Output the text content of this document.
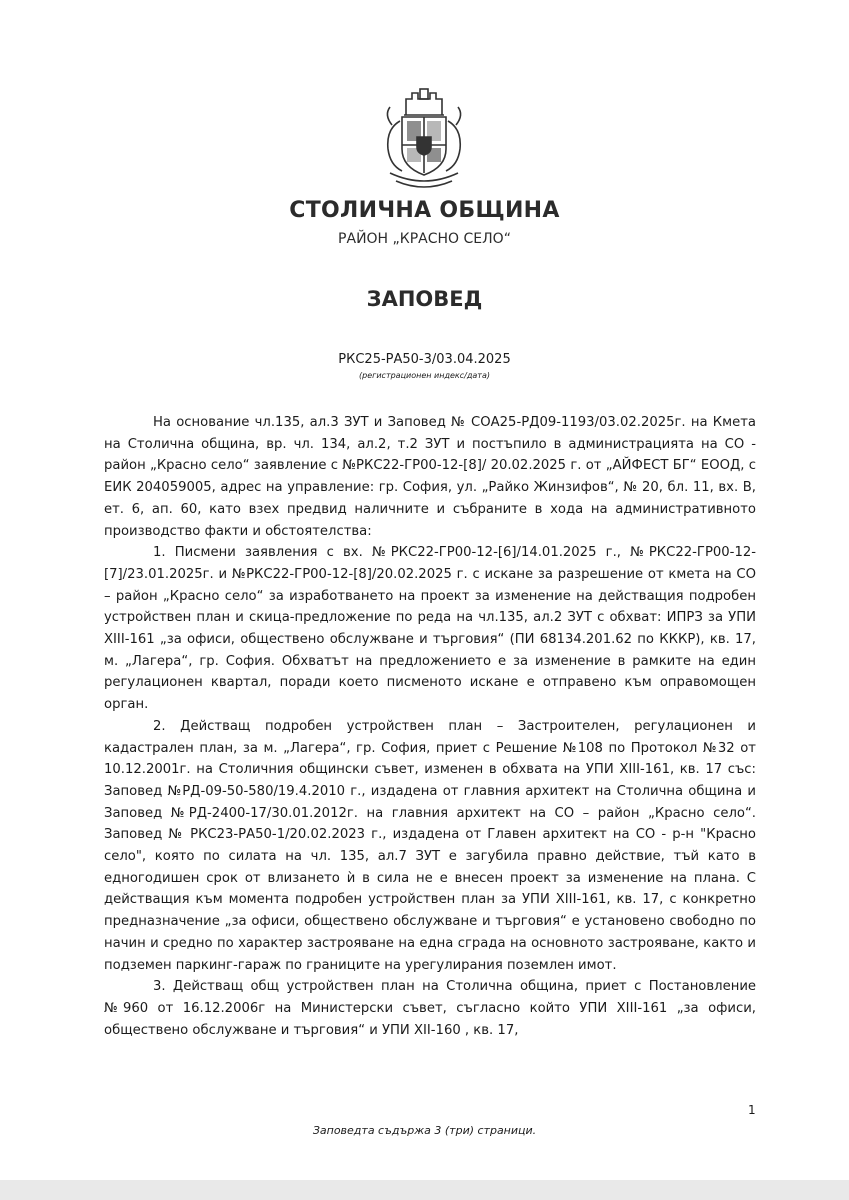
СТОЛИЧНА ОБЩИНА
РАЙОН „КРАСНО СЕЛО“
ЗАПОВЕД
РКС25-РА50-3/03.04.2025
(регистрационен индекс/дата)

На основание чл.135, ал.3 ЗУТ и Заповед № СОА25-РД09-1193/03.02.2025г. на Кмета на Столична община, вр. чл. 134, ал.2, т.2 ЗУТ и постъпило в администрацията на СО - район „Красно село“ заявление с №РКС22-ГР00-12-[8]/ 20.02.2025 г. от „АЙФЕСТ БГ“ ЕООД, с ЕИК 204059005, адрес на управление: гр. София, ул. „Райко Жинзифов“, № 20, бл. 11, вх. В, ет. 6, ап. 60, като взех предвид наличните и събраните в хода на административното производство факти и обстоятелства:

1. Писмени заявления с вх. №РКС22-ГР00-12-[6]/14.01.2025 г., №РКС22-ГР00-12-[7]/23.01.2025г. и №РКС22-ГР00-12-[8]/20.02.2025 г. с искане за разрешение от кмета на СО – район „Красно село“ за изработването на проект за изменение на действащия подробен устройствен план и скица-предложение по реда на чл.135, ал.2 ЗУТ с обхват: ИПРЗ за УПИ XIII-161 „за офиси, обществено обслужване и търговия“ (ПИ 68134.201.62 по КККР), кв. 17, м. „Лагера“, гр. София. Обхватът на предложението е за изменение в рамките на един регулационен квартал, поради което писменото искане е отправено към оправомощен орган.

2. Действащ подробен устройствен план – Застроителен, регулационен и кадастрален план, за м. „Лагера“, гр. София, приет с Решение №108 по Протокол №32 от 10.12.2001г. на Столичния общински съвет, изменен в обхвата на УПИ XIII-161, кв. 17 със: Заповед №РД-09-50-580/19.4.2010 г., издадена от главния архитект на Столична община и Заповед №РД-2400-17/30.01.2012г. на главния архитект на СО – район „Красно село“. Заповед № РКС23-РА50-1/20.02.2023 г., издадена от Главен архитект на СО - р-н "Красно село", която по силата на чл. 135, ал.7 ЗУТ е загубила правно действие, тъй като в едногодишен срок от влизането ѝ в сила не е внесен проект за изменение на плана. С действащия към момента подробен устройствен план за УПИ XIII-161, кв. 17, с конкретно предназначение „за офиси, обществено обслужване и търговия“ е установено свободно по начин и средно по характер застрояване на една сграда на основното застрояване, както и подземен паркинг-гараж по границите на урегулирания поземлен имот.

3. Действащ общ устройствен план на Столична община, приет с Постановление №960 от 16.12.2006г на Министерски съвет, съгласно който УПИ XIII-161 „за офиси, обществено обслужване и търговия“ и УПИ XII-160 , кв. 17,

1
Заповедта съдържа 3 (три) страници.
